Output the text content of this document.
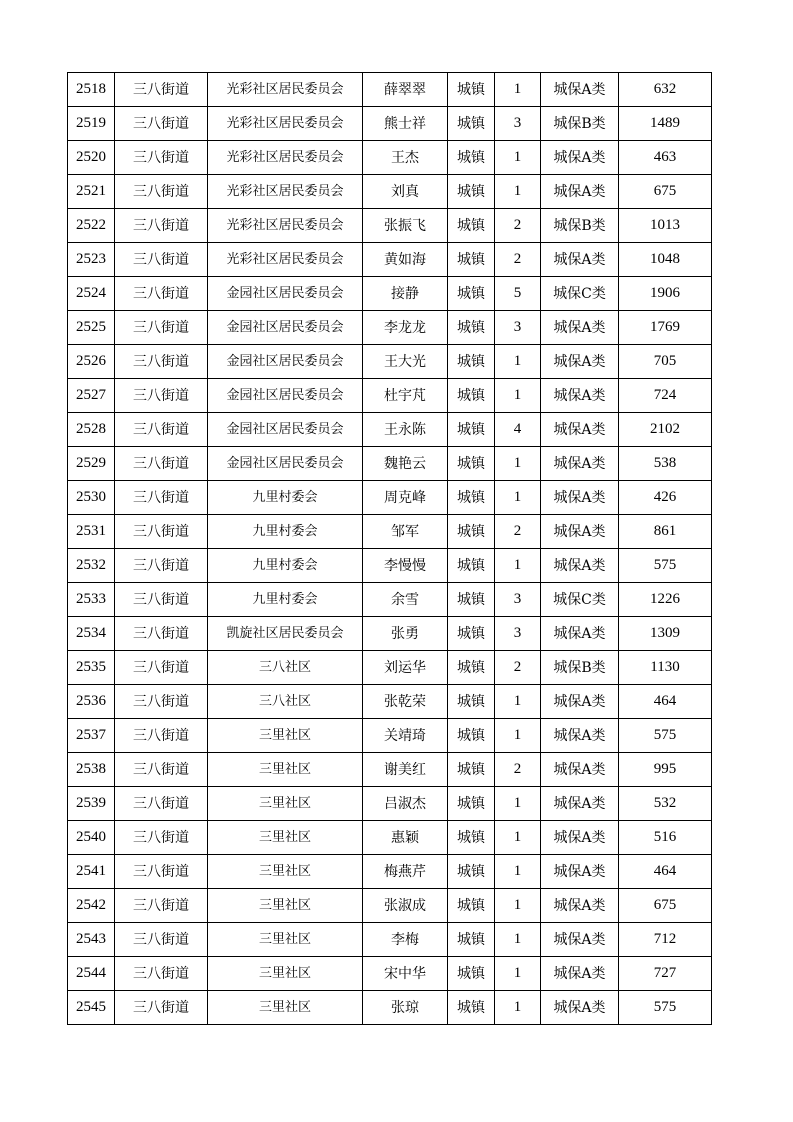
2518	三八街道	光彩社区居民委员会	薛翠翠	城镇	1	城保A类	632
2519	三八街道	光彩社区居民委员会	熊士祥	城镇	3	城保B类	1489
2520	三八街道	光彩社区居民委员会	王杰	城镇	1	城保A类	463
2521	三八街道	光彩社区居民委员会	刘真	城镇	1	城保A类	675
2522	三八街道	光彩社区居民委员会	张振飞	城镇	2	城保B类	1013
2523	三八街道	光彩社区居民委员会	黄如海	城镇	2	城保A类	1048
2524	三八街道	金园社区居民委员会	接静	城镇	5	城保C类	1906
2525	三八街道	金园社区居民委员会	李龙龙	城镇	3	城保A类	1769
2526	三八街道	金园社区居民委员会	王大光	城镇	1	城保A类	705
2527	三八街道	金园社区居民委员会	杜宇芃	城镇	1	城保A类	724
2528	三八街道	金园社区居民委员会	王永陈	城镇	4	城保A类	2102
2529	三八街道	金园社区居民委员会	魏艳云	城镇	1	城保A类	538
2530	三八街道	九里村委会	周克峰	城镇	1	城保A类	426
2531	三八街道	九里村委会	邹军	城镇	2	城保A类	861
2532	三八街道	九里村委会	李慢慢	城镇	1	城保A类	575
2533	三八街道	九里村委会	余雪	城镇	3	城保C类	1226
2534	三八街道	凯旋社区居民委员会	张勇	城镇	3	城保A类	1309
2535	三八街道	三八社区	刘运华	城镇	2	城保B类	1130
2536	三八街道	三八社区	张乾荣	城镇	1	城保A类	464
2537	三八街道	三里社区	关靖琦	城镇	1	城保A类	575
2538	三八街道	三里社区	谢美红	城镇	2	城保A类	995
2539	三八街道	三里社区	吕淑杰	城镇	1	城保A类	532
2540	三八街道	三里社区	惠颖	城镇	1	城保A类	516
2541	三八街道	三里社区	梅燕芹	城镇	1	城保A类	464
2542	三八街道	三里社区	张淑成	城镇	1	城保A类	675
2543	三八街道	三里社区	李梅	城镇	1	城保A类	712
2544	三八街道	三里社区	宋中华	城镇	1	城保A类	727
2545	三八街道	三里社区	张琼	城镇	1	城保A类	575
